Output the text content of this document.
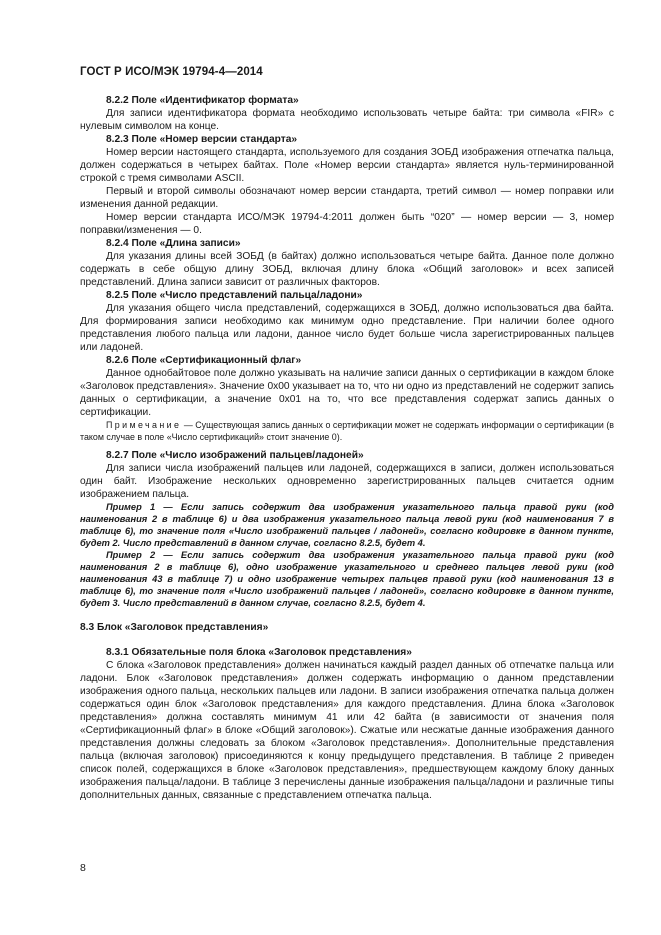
ГОСТ Р ИСО/МЭК 19794-4—2014

8.2.2 Поле «Идентификатор формата»

Для записи идентификатора формата необходимо использовать четыре байта: три символа «FIR» с нулевым символом на конце.

8.2.3 Поле «Номер версии стандарта»

Номер версии настоящего стандарта, используемого для создания ЗОБД изображения отпечатка пальца, должен содержаться в четырех байтах. Поле «Номер версии стандарта» является нуль-терминированной строкой с тремя символами ASCII.

Первый и второй символы обозначают номер версии стандарта, третий символ — номер поправки или изменения данной редакции.

Номер версии стандарта ИСО/МЭК 19794-4:2011 должен быть “020” — номер версии — 3, номер поправки/изменения — 0.

8.2.4 Поле «Длина записи»

Для указания длины всей ЗОБД (в байтах) должно использоваться четыре байта. Данное поле должно содержать в себе общую длину ЗОБД, включая длину блока «Общий заголовок» и всех записей представлений. Длина записи зависит от различных факторов.

8.2.5 Поле «Число представлений пальца/ладони»

Для указания общего числа представлений, содержащихся в ЗОБД, должно использоваться два байта. Для формирования записи необходимо как минимум одно представление. При наличии более одного представления любого пальца или ладони, данное число будет больше числа зарегистрированных пальцев или ладоней.

8.2.6 Поле «Сертификационный флаг»

Данное однобайтовое поле должно указывать на наличие записи данных о сертификации в каждом блоке «Заголовок представления». Значение 0х00 указывает на то, что ни одно из представлений не содержит запись данных о сертификации, а значение 0х01 на то, что все представления содержат запись данных о сертификации.

Примечание — Существующая запись данных о сертификации может не содержать информации о сертификации (в таком случае в поле «Число сертификаций» стоит значение 0).

8.2.7 Поле «Число изображений пальцев/ладоней»

Для записи числа изображений пальцев или ладоней, содержащихся в записи, должен использоваться один байт. Изображение нескольких одновременно зарегистрированных пальцев считается одним изображением пальца.

Пример 1 — Если запись содержит два изображения указательного пальца правой руки (код наименования 2 в таблице 6) и два изображения указательного пальца левой руки (код наименования 7 в таблице 6), то значение поля «Число изображений пальцев / ладоней», согласно кодировке в данном пункте, будет 2. Число представлений в данном случае, согласно 8.2.5, будет 4.

Пример 2 — Если запись содержит два изображения указательного пальца правой руки (код наименования 2 в таблице 6), одно изображение указательного и среднего пальцев левой руки (код наименования 43 в таблице 7) и одно изображение четырех пальцев правой руки (код наименования 13 в таблице 6), то значение поля «Число изображений пальцев / ладоней», согласно кодировке в данном пункте, будет 3. Число представлений в данном случае, согласно 8.2.5, будет 4.

8.3 Блок «Заголовок представления»

8.3.1 Обязательные поля блока «Заголовок представления»

С блока «Заголовок представления» должен начинаться каждый раздел данных об отпечатке пальца или ладони. Блок «Заголовок представления» должен содержать информацию о данном представлении изображения одного пальца, нескольких пальцев или ладони. В записи изображения отпечатка пальца должен содержаться один блок «Заголовок представления» для каждого представления. Длина блока «Заголовок представления» должна составлять минимум 41 или 42 байта (в зависимости от значения поля «Сертификационный флаг» в блоке «Общий заголовок»). Сжатые или несжатые данные изображения данного представления должны следовать за блоком «Заголовок представления». Дополнительные представления пальца (включая заголовок) присоединяются к концу предыдущего представления. В таблице 2 приведен список полей, содержащихся в блоке «Заголовок представления», предшествующем каждому блоку данных изображения пальца/ладони. В таблице 3 перечислены данные изображения пальца/ладони и различные типы дополнительных данных, связанные с представлением отпечатка пальца.

8
